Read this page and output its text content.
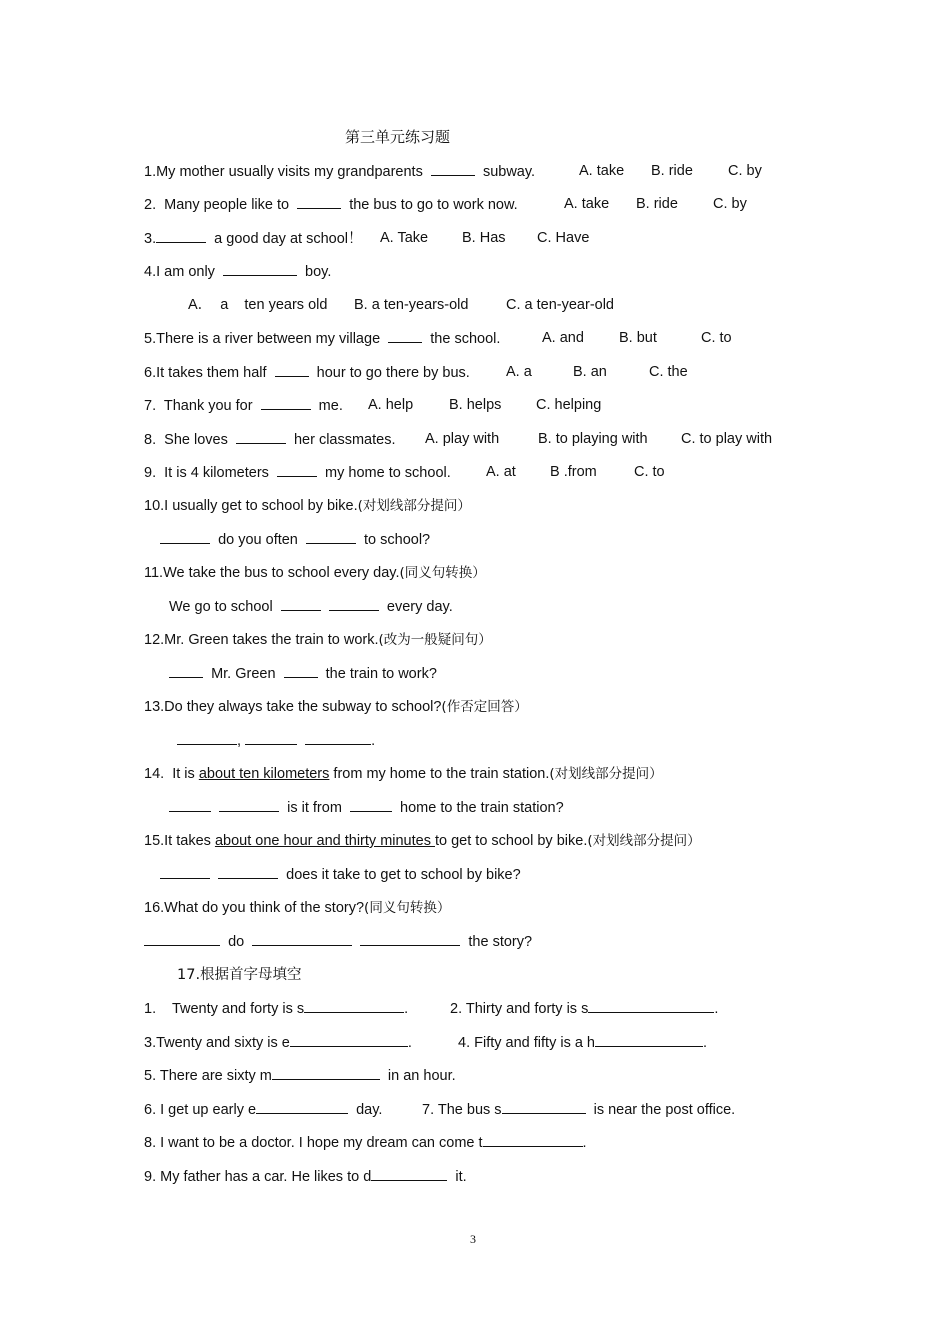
第三单元练习题
1.My mother usually visits my grandparents	subway.	A. take B. ride C. by
2.  Many people like to	the bus to go to work now.	A. take B. ride C. by
3.	a good day at school！ A. Take B. Has C. Have
4.I am only	boy.
A．  a    ten years old B. a ten-years-old	C. a ten-year-old
5.There is a river between my village	the school.	A. and B. but	C. to
6.It takes them half	hour to go there by bus. A. a	B. an	C. the
7.  Thank you for	me. A. help B. helps C. helping
8.  She loves	her classmates. A. play with	B. to playing with C. to play with
9.  It is 4 kilometers	my home to school. A. at B .from	C. to
10.I usually get to school by bike.(对划线部分提问）
do you often	to school?
11.We take the bus to school every day.(同义句转换）
We go to school	every day.
12.Mr. Green takes the train to work.(改为一般疑问句）
Mr. Green	the train to work?
13.Do they always take the subway to school?(作否定回答）
,	.
14.  It is about ten kilometers from my home to the train station.(对划线部分提问）
is it from	home to the train station?
15.It takes about one hour and thirty minutes to get to school by bike.(对划线部分提问）
does it take to get to school by bike?
16.What do you think of the story?(同义句转换）
do	the story?
17.根据首字母填空
1.    Twenty and forty is s	.	2. Thirty and forty is s	.
3.Twenty and sixty is e	.	4. Fifty and fifty is a h	.
5. There are sixty m	in an hour.
6. I get up early e	day.	7. The bus s	is near the post office.
8. I want to be a doctor. I hope my dream can come t	.
9. My father has a car. He likes to d	it.
3
